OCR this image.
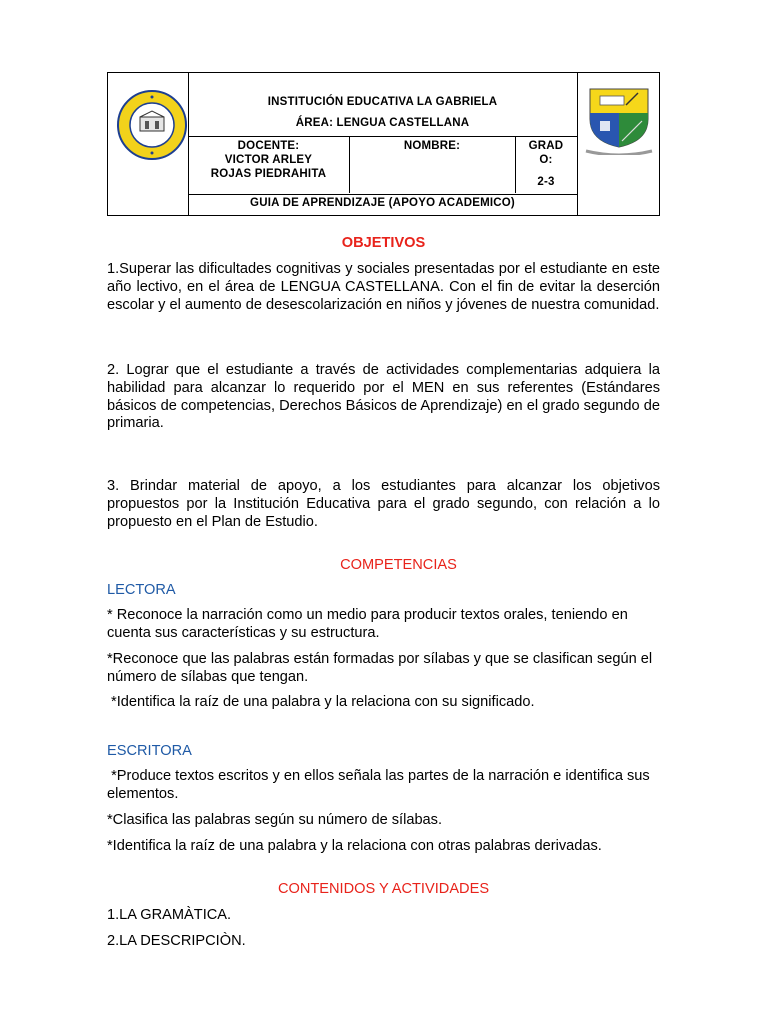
INSTITUCIÓN EDUCATIVA LA GABRIELA
ÁREA: LENGUA CASTELLANA
DOCENTE:
VICTOR ARLEY
ROJAS PIEDRAHITA
NOMBRE:	GRAD
O:
2-3
GUIA DE APRENDIZAJE (APOYO ACADEMICO)
OBJETIVOS
1.Superar las dificultades cognitivas y sociales presentadas por el estudiante en este año lectivo, en el área de LENGUA CASTELLANA. Con el fin de evitar la deserción escolar y el aumento de desescolarización en niños y jóvenes de nuestra comunidad.
2. Lograr que el estudiante a través de actividades complementarias adquiera la habilidad para alcanzar lo requerido por el MEN en sus referentes (Estándares básicos de competencias, Derechos Básicos de Aprendizaje) en el grado segundo de primaria.
3. Brindar material de apoyo, a los estudiantes para alcanzar los objetivos propuestos por la Institución Educativa para el grado segundo, con relación a lo propuesto en el Plan de Estudio.
COMPETENCIAS
LECTORA
* Reconoce la narración como un medio para producir textos orales, teniendo en cuenta sus características y su estructura.
*Reconoce que las palabras están formadas por sílabas y que se clasifican según el número de sílabas que tengan.
*Identifica la raíz de una palabra y la relaciona con su significado.
ESCRITORA
*Produce textos escritos y en ellos señala las partes de la narración e identifica sus elementos.
*Clasifica las palabras según su número de sílabas.
*Identifica la raíz de una palabra y la relaciona con otras palabras derivadas.
CONTENIDOS Y ACTIVIDADES
1.LA GRAMÀTICA.
2.LA DESCRIPCIÒN.
